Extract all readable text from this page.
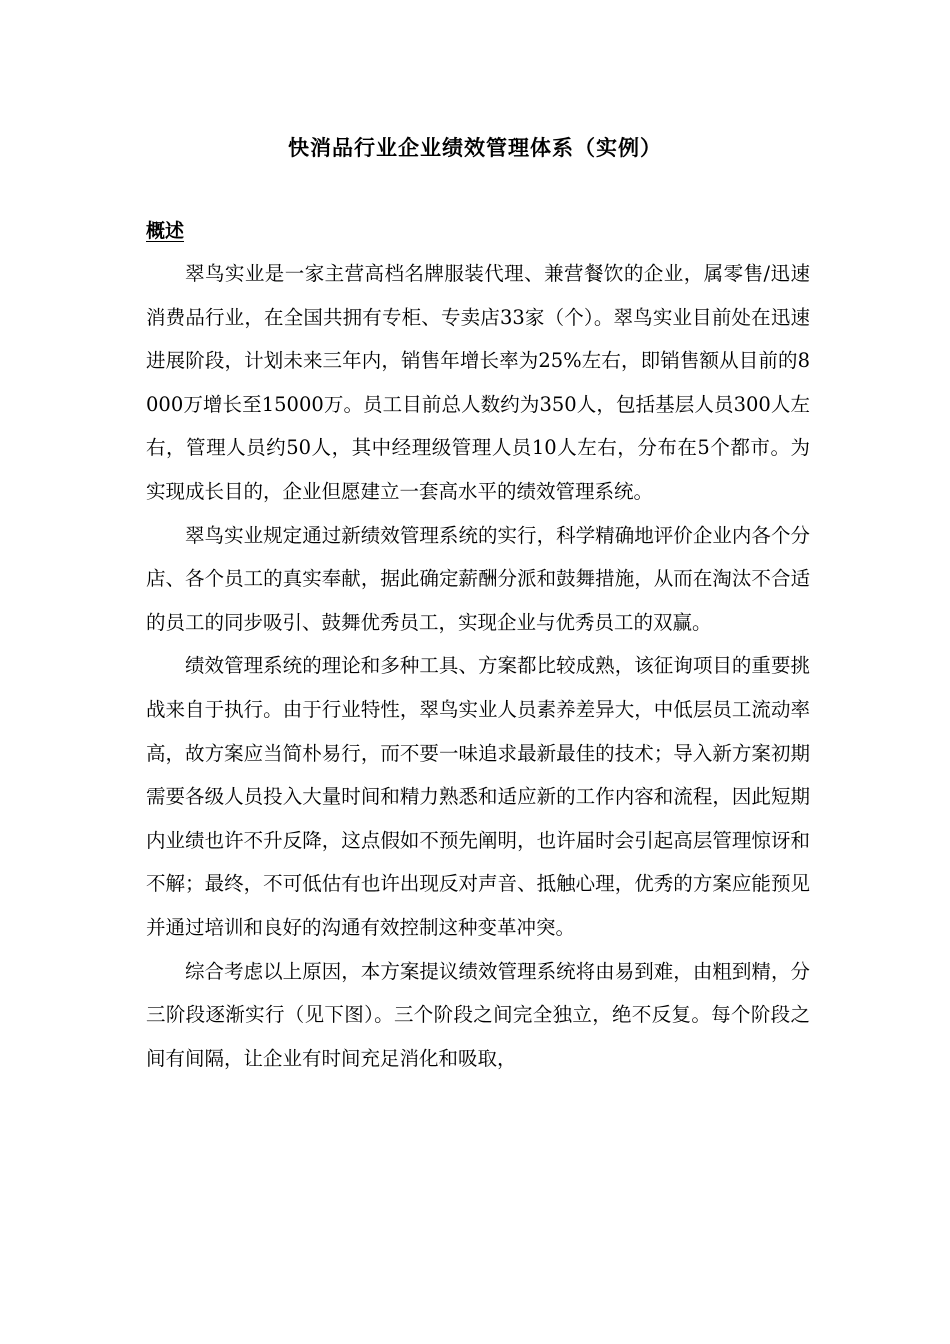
快消品行业企业绩效管理体系（实例）
概述

翠鸟实业是一家主营高档名牌服装代理、兼营餐饮的企业，属零售/迅速消费品行业，在全国共拥有专柜、专卖店33家（个）。翠鸟实业目前处在迅速进展阶段，计划未来三年内，销售年增长率为25%左右，即销售额从目前的8000万增长至15000万。员工目前总人数约为350人，包括基层人员300人左右，管理人员约50人，其中经理级管理人员10人左右，分布在5个都市。为实现成长目的，企业但愿建立一套高水平的绩效管理系统。

翠鸟实业规定通过新绩效管理系统的实行，科学精确地评价企业内各个分店、各个员工的真实奉献，据此确定薪酬分派和鼓舞措施，从而在淘汰不合适的员工的同步吸引、鼓舞优秀员工，实现企业与优秀员工的双赢。

绩效管理系统的理论和多种工具、方案都比较成熟，该征询项目的重要挑战来自于执行。由于行业特性，翠鸟实业人员素养差异大，中低层员工流动率高，故方案应当简朴易行，而不要一味追求最新最佳的技术；导入新方案初期需要各级人员投入大量时间和精力熟悉和适应新的工作内容和流程，因此短期内业绩也许不升反降，这点假如不预先阐明，也许届时会引起高层管理惊讶和不解；最终，不可低估有也许出现反对声音、抵触心理，优秀的方案应能预见并通过培训和良好的沟通有效控制这种变革冲突。

综合考虑以上原因，本方案提议绩效管理系统将由易到难，由粗到精，分三阶段逐渐实行（见下图）。三个阶段之间完全独立，绝不反复。每个阶段之间有间隔，让企业有时间充足消化和吸取，
